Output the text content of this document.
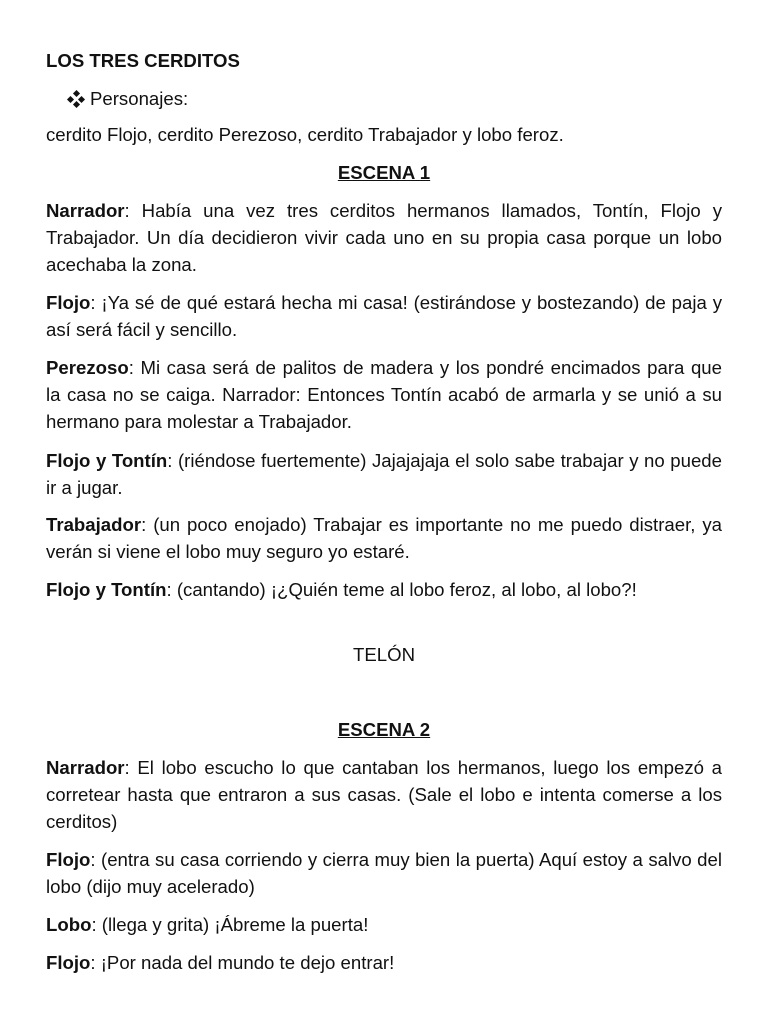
LOS TRES CERDITOS
Personajes:
cerdito Flojo, cerdito Perezoso, cerdito Trabajador y lobo feroz.
ESCENA 1
Narrador: Había una vez tres cerditos hermanos llamados, Tontín, Flojo y Trabajador. Un día decidieron vivir cada uno en su propia casa porque un lobo acechaba la zona.
Flojo: ¡Ya sé de qué estará hecha mi casa! (estirándose y bostezando) de paja y así será fácil y sencillo.
Perezoso: Mi casa será de palitos de madera y los pondré encimados para que la casa no se caiga. Narrador: Entonces Tontín acabó de armarla y se unió a su hermano para molestar a Trabajador.
Flojo y Tontín: (riéndose fuertemente) Jajajajaja el solo sabe trabajar y no puede ir a jugar.
Trabajador: (un poco enojado) Trabajar es importante no me puedo distraer, ya verán si viene el lobo muy seguro yo estaré.
Flojo y Tontín: (cantando) ¡¿Quién teme al lobo feroz, al lobo, al lobo?!
TELÓN
ESCENA 2
Narrador: El lobo escucho lo que cantaban los hermanos, luego los empezó a corretear hasta que entraron a sus casas. (Sale el lobo e intenta comerse a los cerditos)
Flojo: (entra su casa corriendo y cierra muy bien la puerta) Aquí estoy a salvo del lobo (dijo muy acelerado)
Lobo: (llega y grita) ¡Ábreme la puerta!
Flojo: ¡Por nada del mundo te dejo entrar!
